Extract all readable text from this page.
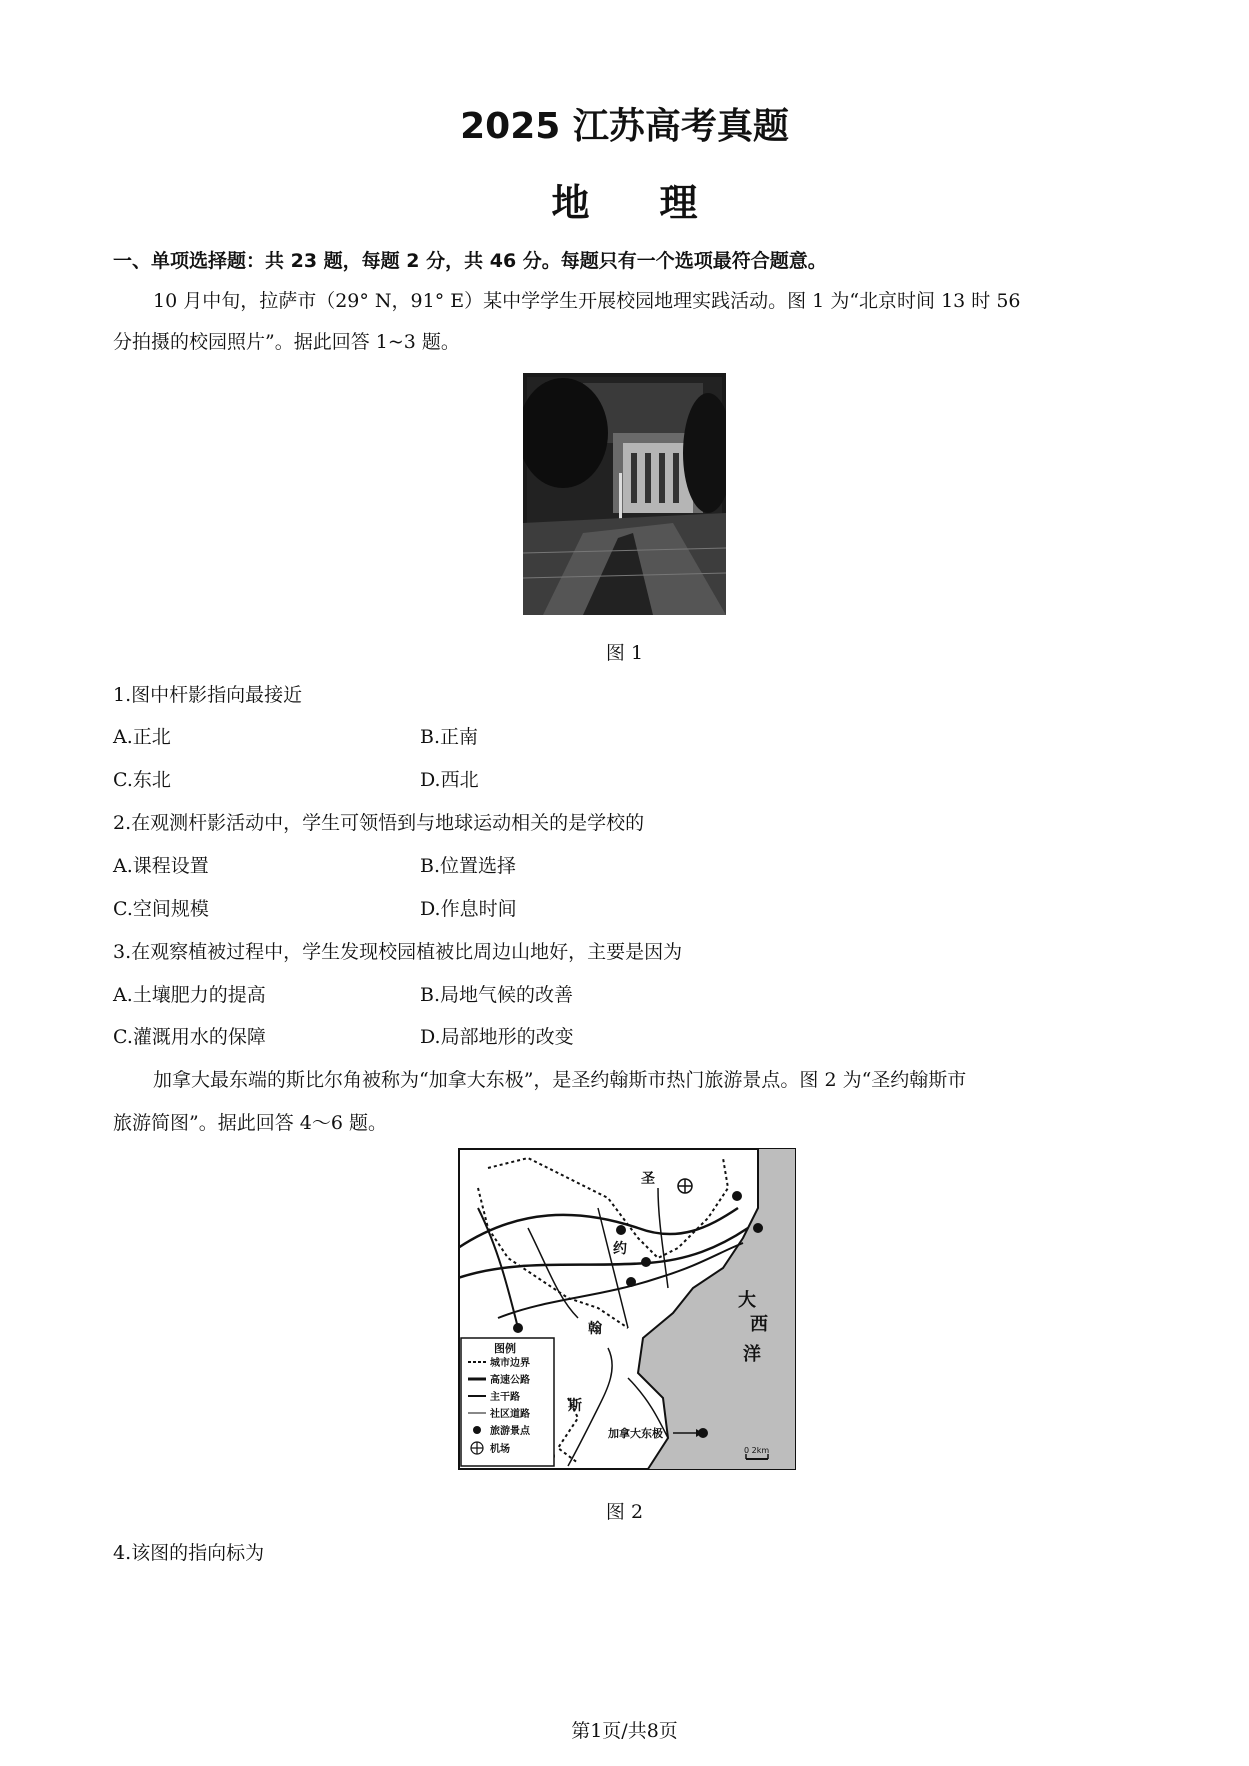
2025 江苏高考真题
地理
一、单项选择题：共 23 题，每题 2 分，共 46 分。每题只有一个选项最符合题意。
10 月中旬，拉萨市（29° N，91° E）某中学学生开展校园地理实践活动。图 1 为“北京时间 13 时 56
分拍摄的校园照片”。据此回答 1~3 题。
图 1
1.图中杆影指向最接近
A.正北	B.正南
C.东北	D.西北
2.在观测杆影活动中，学生可领悟到与地球运动相关的是学校的
A.课程设置	B.位置选择
C.空间规模	D.作息时间
3.在观察植被过程中，学生发现校园植被比周边山地好，主要是因为
A.土壤肥力的提高	B.局地气候的改善
C.灌溉用水的保障	D.局部地形的改变
加拿大最东端的斯比尔角被称为“加拿大东极”，是圣约翰斯市热门旅游景点。图 2 为“圣约翰斯市
旅游简图”。据此回答 4～6 题。
圣
约
翰
斯
大
西
洋
加拿大东极
图例
城市边界
高速公路
主干路
社区道路
旅游景点
机场	0 2km
图 2
4.该图的指向标为
第1页/共8页
